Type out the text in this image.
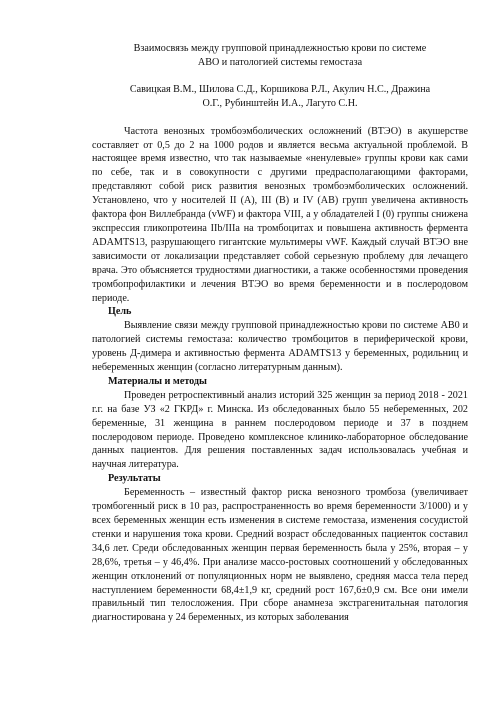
Взаимосвязь между групповой принадлежностью крови по системе

АВО и патологией системы гемостаза

Савицкая В.М., Шилова С.Д., Коршикова Р.Л., Акулич Н.С., Дражина

О.Г., Рубинштейн И.А., Лагуто С.Н.

Частота венозных тромбоэмболических осложнений (ВТЭО) в акушерстве составляет от 0,5 до 2 на 1000 родов и является весьма актуальной проблемой. В настоящее время известно, что так называемые «ненулевые» группы крови как сами по себе, так и в совокупности с другими предрасполагающими факторами, представляют собой риск развития венозных тромбоэмболических осложнений. Установлено, что у носителей II (А), III (В) и IV (АВ) групп увеличена активность фактора фон Виллебранда (vWF) и фактора VIII, а у обладателей I (0) группы снижена экспрессия гликопротеина IIb/IIIa на тромбоцитах и повышена активность фермента ADAMTS13, разрушающего гигантские мультимеры vWF. Каждый случай ВТЭО вне зависимости от локализации представляет собой серьезную проблему для лечащего врача. Это объясняется трудностями диагностики, а также особенностями проведения тромбопрофилактики и лечения ВТЭО во время беременности и в послеродовом периоде.

Цель

Выявление связи между групповой принадлежностью крови по системе АВ0 и патологией системы гемостаза: количество тромбоцитов в периферической крови, уровень Д-димера и активностью фермента ADAMTS13 у беременных, родильниц и небеременных женщин (согласно литературным данным).

Материалы и методы

Проведен ретроспективный анализ историй 325 женщин за период 2018 - 2021 г.г. на базе УЗ «2 ГКРД» г. Минска. Из обследованных было 55 небеременных, 202 беременные, 31 женщина в раннем послеродовом периоде и 37 в позднем послеродовом периоде. Проведено комплексное клинико-лабораторное обследование данных пациентов. Для решения поставленных задач использовалась учебная и научная литература.

Результаты

Беременность – известный фактор риска венозного тромбоза (увеличивает тромбогенный риск в 10 раз, распространенность во время беременности 3/1000) и у всех беременных женщин есть изменения в системе гемостаза, изменения сосудистой стенки и нарушения тока крови. Средний возраст обследованных пациенток составил 34,6 лет. Среди обследованных женщин первая беременность была у 25%, вторая – у 28,6%, третья – у 46,4%. При анализе массо-ростовых соотношений у обследованных женщин отклонений от популяционных норм не выявлено, средняя масса тела перед наступлением беременности 68,4±1,9 кг, средний рост 167,6±0,9 см. Все они имели правильный тип телосложения. При сборе анамнеза экстрагенитальная патология диагностирована у 24 беременных, из которых заболевания
